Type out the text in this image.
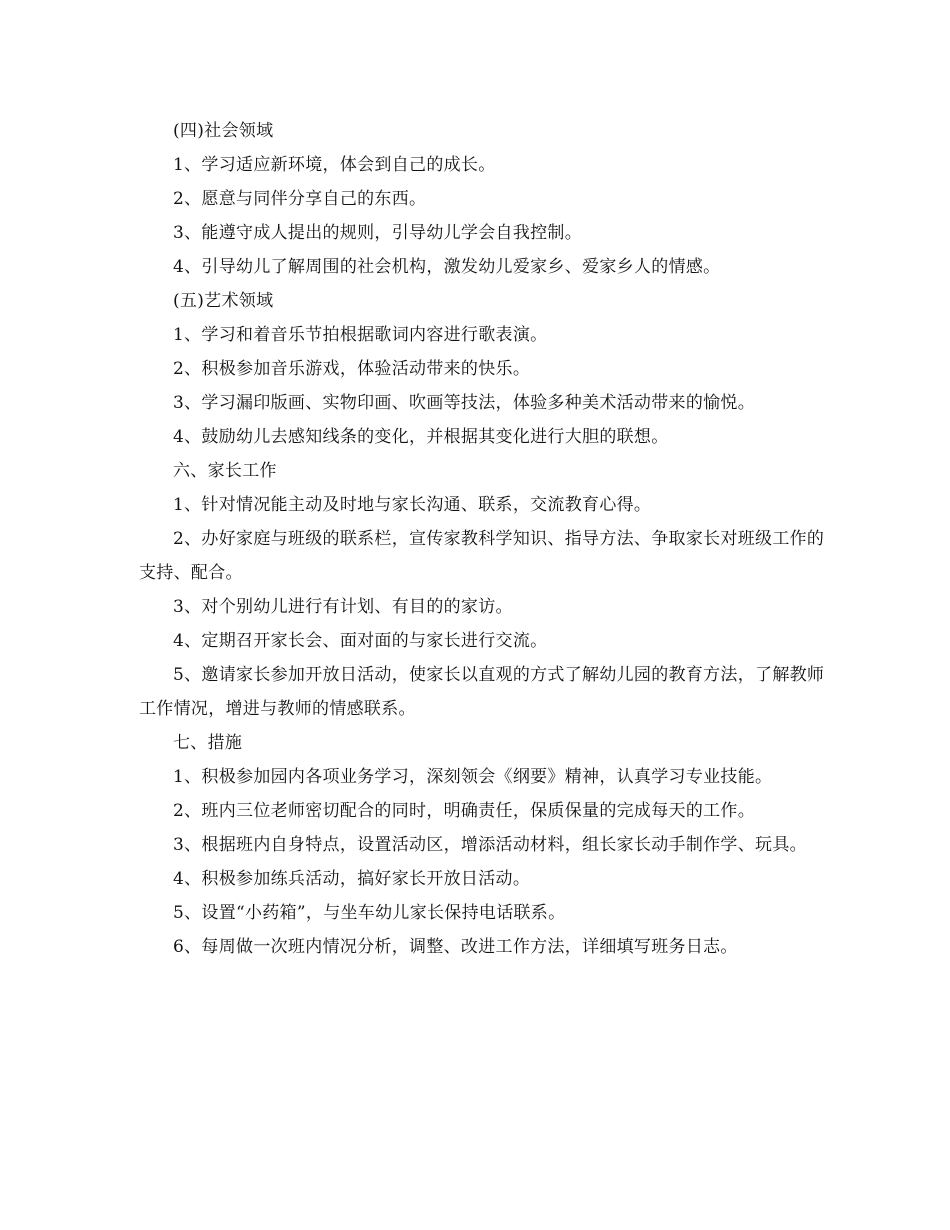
(四)社会领域

1、学习适应新环境，体会到自己的成长。

2、愿意与同伴分享自己的东西。

3、能遵守成人提出的规则，引导幼儿学会自我控制。

4、引导幼儿了解周围的社会机构，激发幼儿爱家乡、爱家乡人的情感。

(五)艺术领域

1、学习和着音乐节拍根据歌词内容进行歌表演。

2、积极参加音乐游戏，体验活动带来的快乐。

3、学习漏印版画、实物印画、吹画等技法，体验多种美术活动带来的愉悦。

4、鼓励幼儿去感知线条的变化，并根据其变化进行大胆的联想。

六、家长工作

1、针对情况能主动及时地与家长沟通、联系，交流教育心得。

2、办好家庭与班级的联系栏，宣传家教科学知识、指导方法、争取家长对班级工作的支持、配合。

3、对个别幼儿进行有计划、有目的的家访。

4、定期召开家长会、面对面的与家长进行交流。

5、邀请家长参加开放日活动，使家长以直观的方式了解幼儿园的教育方法，了解教师工作情况，增进与教师的情感联系。

七、措施

1、积极参加园内各项业务学习，深刻领会《纲要》精神，认真学习专业技能。

2、班内三位老师密切配合的同时，明确责任，保质保量的完成每天的工作。

3、根据班内自身特点，设置活动区，增添活动材料，组长家长动手制作学、玩具。

4、积极参加练兵活动，搞好家长开放日活动。

5、设置“小药箱”，与坐车幼儿家长保持电话联系。

6、每周做一次班内情况分析，调整、改进工作方法，详细填写班务日志。
